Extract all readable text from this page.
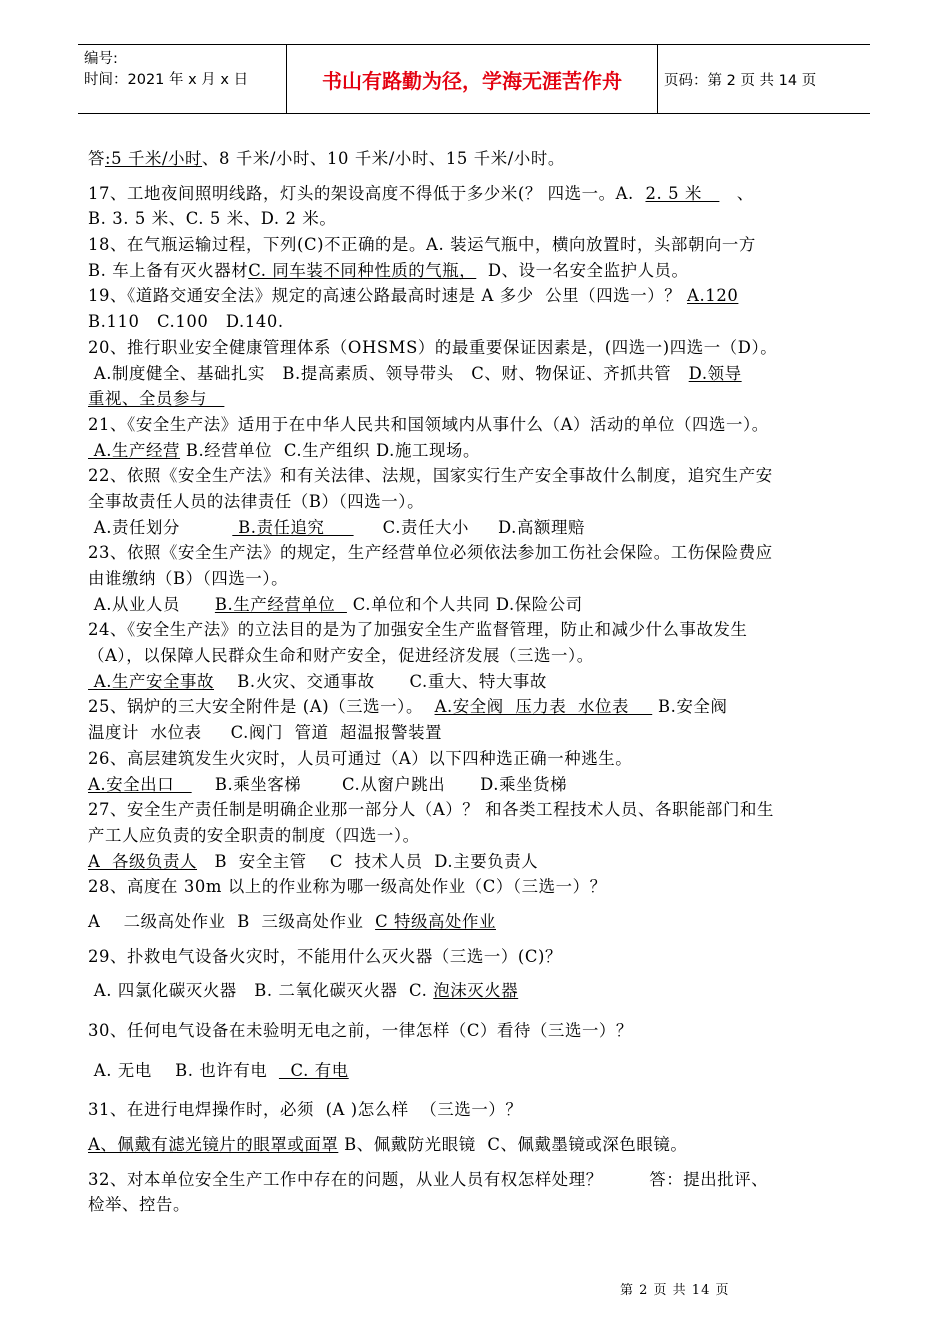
编号:
时间：2021 年 x 月 x 日	书山有路勤为径，学海无涯苦作舟	页码：第 2 页 共 14 页
答:5 千米/小时、8 千米/小时、10 千米/小时、15 千米/小时。
17、工地夜间照明线路，灯头的架设高度不得低于多少米(？ 四选一。A.  2. 5 米      、
B. 3. 5 米、C. 5 米、D. 2 米。
18、在气瓶运输过程，下列(C)不正确的是。A. 装运气瓶中，横向放置时，头部朝向一方
B. 车上备有灭火器材C. 同车装不同种性质的气瓶，  D、设一名安全监护人员。
19、《道路交通安全法》规定的高速公路最高时速是 A 多少  公里（四选一）？ A.120
B.110   C.100   D.140.
20、推行职业安全健康管理体系（OHSMS）的最重要保证因素是，(四选一)四选一（D）。
A.制度健全、基础扎实   B.提高素质、领导带头   C、财、物保证、齐抓共管   D.领导
重视、全员参与
21、《安全生产法》适用于在中华人民共和国领域内从事什么（A）活动的单位（四选一）。
A.生产经营 B.经营单位  C.生产组织 D.施工现场。
22、依照《安全生产法》和有关法律、法规，国家实行生产安全事故什么制度，追究生产安
全事故责任人员的法律责任（B）（四选一）。
A.责任划分          B.责任追究          C.责任大小     D.高额理赔
23、依照《安全生产法》的规定，生产经营单位必须依法参加工伤社会保险。工伤保险费应
由谁缴纳（B）（四选一）。
A.从业人员      B.生产经营单位   C.单位和个人共同 D.保险公司
24、《安全生产法》的立法目的是为了加强安全生产监督管理，防止和减少什么事故发生
（A），以保障人民群众生命和财产安全，促进经济发展（三选一）。
A.生产安全事故    B.火灾、交通事故      C.重大、特大事故
25、锅炉的三大安全附件是 (A)（三选一）。  A.安全阀  压力表  水位表     B.安全阀
温度计  水位表     C.阀门  管道  超温报警装置
26、高层建筑发生火灾时，人员可通过（A）以下四种选正确一种逃生。
A.安全出口       B.乘坐客梯       C.从窗户跳出      D.乘坐货梯
27、安全生产责任制是明确企业那一部分人（A）？ 和各类工程技术人员、各职能部门和生
产工人应负责的安全职责的制度（四选一）。
A  各级负责人   B  安全主管    C  技术人员  D.主要负责人
28、高度在 30m 以上的作业称为哪一级高处作业（C）（三选一）？
A    二级高处作业  B  三级高处作业  C 特级高处作业
29、扑救电气设备火灾时，不能用什么灭火器（三选一）(C)？
A. 四氯化碳灭火器   B. 二氧化碳灭火器  C. 泡沫灭火器
30、任何电气设备在未验明无电之前，一律怎样（C）看待（三选一）？
A. 无电    B. 也许有电    C. 有电
31、在进行电焊操作时，必须  (A )怎么样  （三选一）？
A、佩戴有滤光镜片的眼罩或面罩 B、佩戴防光眼镜  C、佩戴墨镜或深色眼镜。
32、对本单位安全生产工作中存在的问题，从业人员有权怎样处理？        答：提出批评、
检举、控告。
第 2 页 共 14 页
